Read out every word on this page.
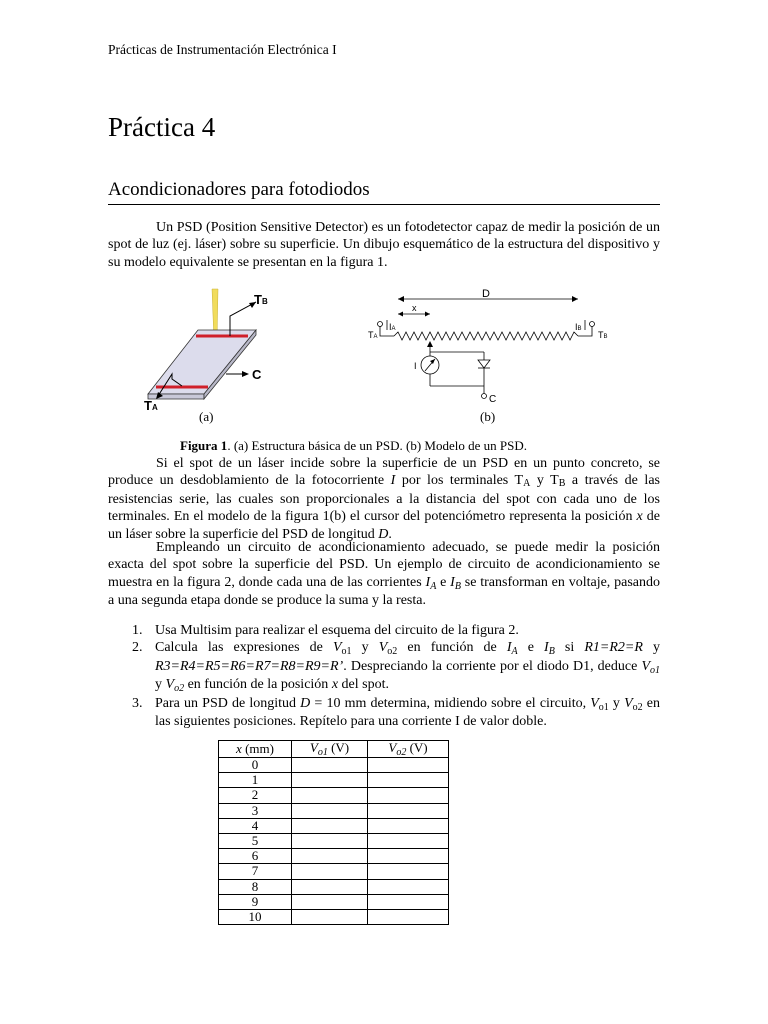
Prácticas de Instrumentación Electrónica I
Práctica 4
Acondicionadores para fotodiodos

Un PSD (Position Sensitive Detector) es un fotodetector capaz de medir la posición de un spot de luz (ej. láser) sobre su superficie. Un dibujo esquemático de la estructura del dispositivo y su modelo equivalente se presentan en la figura 1.

TB
C
TA
D
x
TA
IA	IB
TB
I
C
(a)	(b)
Figura 1. (a) Estructura básica de un PSD. (b) Modelo de un PSD.

Si el spot de un láser incide sobre la superficie de un PSD en un punto concreto, se produce un desdoblamiento de la fotocorriente I por los terminales TA y TB a través de las resistencias serie, las cuales son proporcionales a la distancia del spot con cada uno de los terminales. En el modelo de la figura 1(b) el cursor del potenciómetro representa la posición x de un láser sobre la superficie del PSD de longitud D.

Empleando un circuito de acondicionamiento adecuado, se puede medir la posición exacta del spot sobre la superficie del PSD. Un ejemplo de circuito de acondicionamiento se muestra en la figura 2, donde cada una de las corrientes $I_A$ e $I_B$ se transforman en voltaje, pasando a una segunda etapa donde se produce la suma y la resta.

1. Usa Multisim para realizar el esquema del circuito de la figura 2.
2. Calcula las expresiones de $V_{o1}$ y $V_{o2}$ en función de $I_A$ e $I_B$ si R1=R2=R y R3=R4=R5=R6=R7=R8=R9=R’. Despreciando la corriente por el diodo D1, deduce $V_{o1}$ y $V_{o2}$ en función de la posición x del spot.
3. Para un PSD de longitud D = 10 mm determina, midiendo sobre el circuito, $V_{o1}$ y $V_{o2}$ en las siguientes posiciones. Repítelo para una corriente I de valor doble.
x (mm)	$V_{o1}$ (V)	$V_{o2}$ (V)
0		
1		
2		
3		
4		
5		
6		
7		
8		
9		
10		
